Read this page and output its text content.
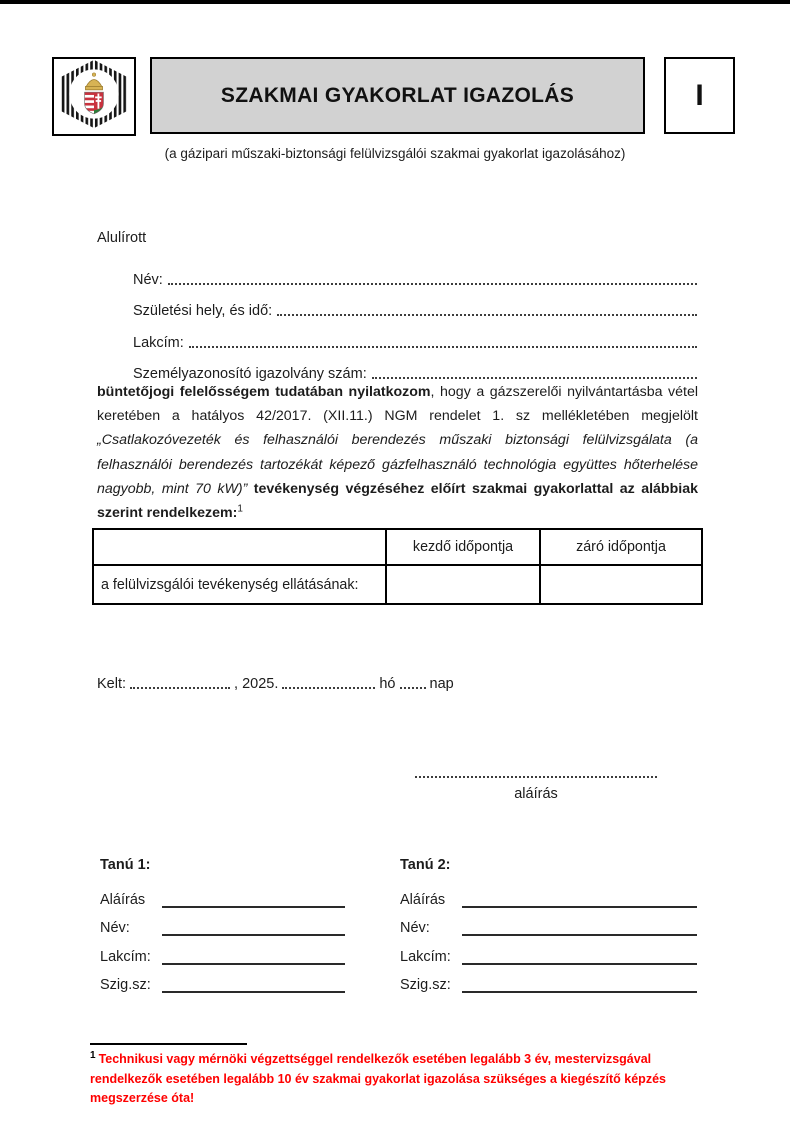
SZAKMAI GYAKORLAT IGAZOLÁS	I
(a gázipari műszaki-biztonsági felülvizsgálói szakmai gyakorlat igazolásához)
Alulírott
Név:
Születési hely, és idő:
Lakcím:
Személyazonosító igazolvány szám:
büntetőjogi felelősségem tudatában nyilatkozom, hogy a gázszerelői nyilvántartásba vétel keretében a hatályos 42/2017. (XII.11.) NGM rendelet 1. sz mellékletében megjelölt „Csatlakozóvezeték és felhasználói berendezés műszaki biztonsági felülvizsgálata (a felhasználói berendezés tartozékát képező gázfelhasználó technológia együttes hőterhelése nagyobb, mint 70 kW)” tevékenység végzéséhez előírt szakmai gyakorlattal az alábbiak szerint rendelkezem:$^1$
	kezdő időpontja	záró időpontja
a felülvizsgálói tevékenység ellátásának:		
Kelt:	, 2025.	hó nap
aláírás
Tanú 1:
Aláírás
Név:
Lakcím:
Szig.sz:
Tanú 2:
Aláírás
Név:
Lakcím:
Szig.sz:
$^1$ Technikusi vagy mérnöki végzettséggel rendelkezők esetében legalább 3 év, mestervizsgával rendelkezők esetében legalább 10 év szakmai gyakorlat igazolása szükséges a kiegészítő képzés megszerzése óta!
